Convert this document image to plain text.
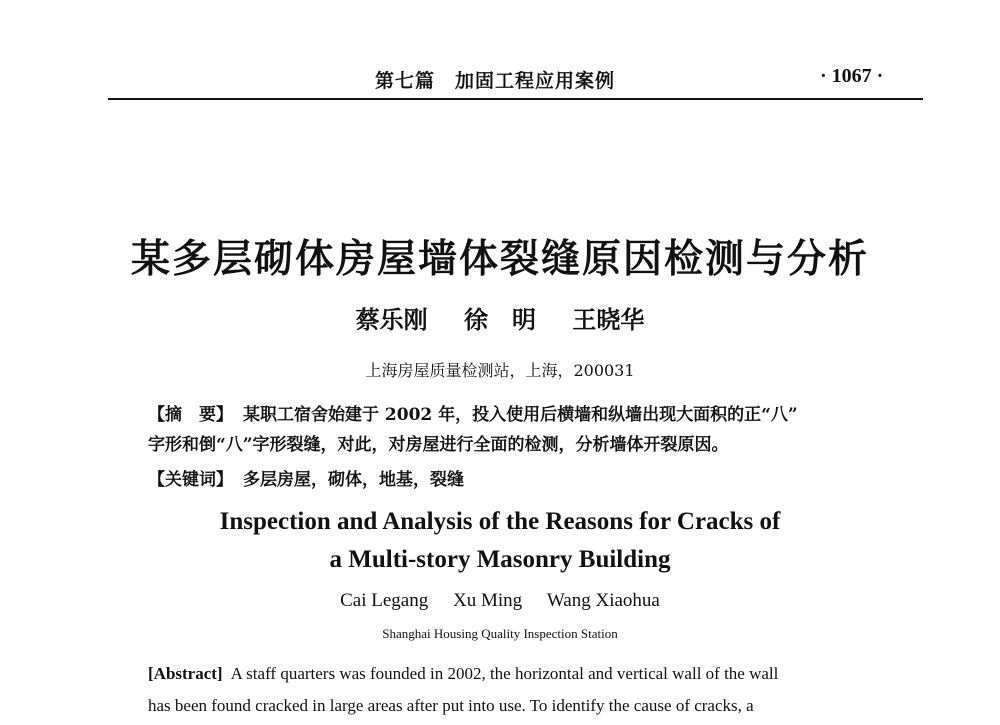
第七篇　加固工程应用案例	· 1067 ·
某多层砌体房屋墙体裂缝原因检测与分析
蔡乐刚 徐　明 王晓华
上海房屋质量检测站，上海，200031
【摘　要】 某职工宿舍始建于 2002 年，投入使用后横墙和纵墙出现大面积的正“八”
字形和倒“八”字形裂缝，对此，对房屋进行全面的检测，分析墙体开裂原因。
【关键词】 多层房屋，砌体，地基，裂缝
Inspection and Analysis of the Reasons for Cracks of
a Multi-story Masonry Building
Cai Legang Xu Ming Wang Xiaohua
Shanghai Housing Quality Inspection Station
[Abstract] A staff quarters was founded in 2002, the horizontal and vertical wall of the wall
has been found cracked in large areas after put into use. To identify the cause of cracks, a
